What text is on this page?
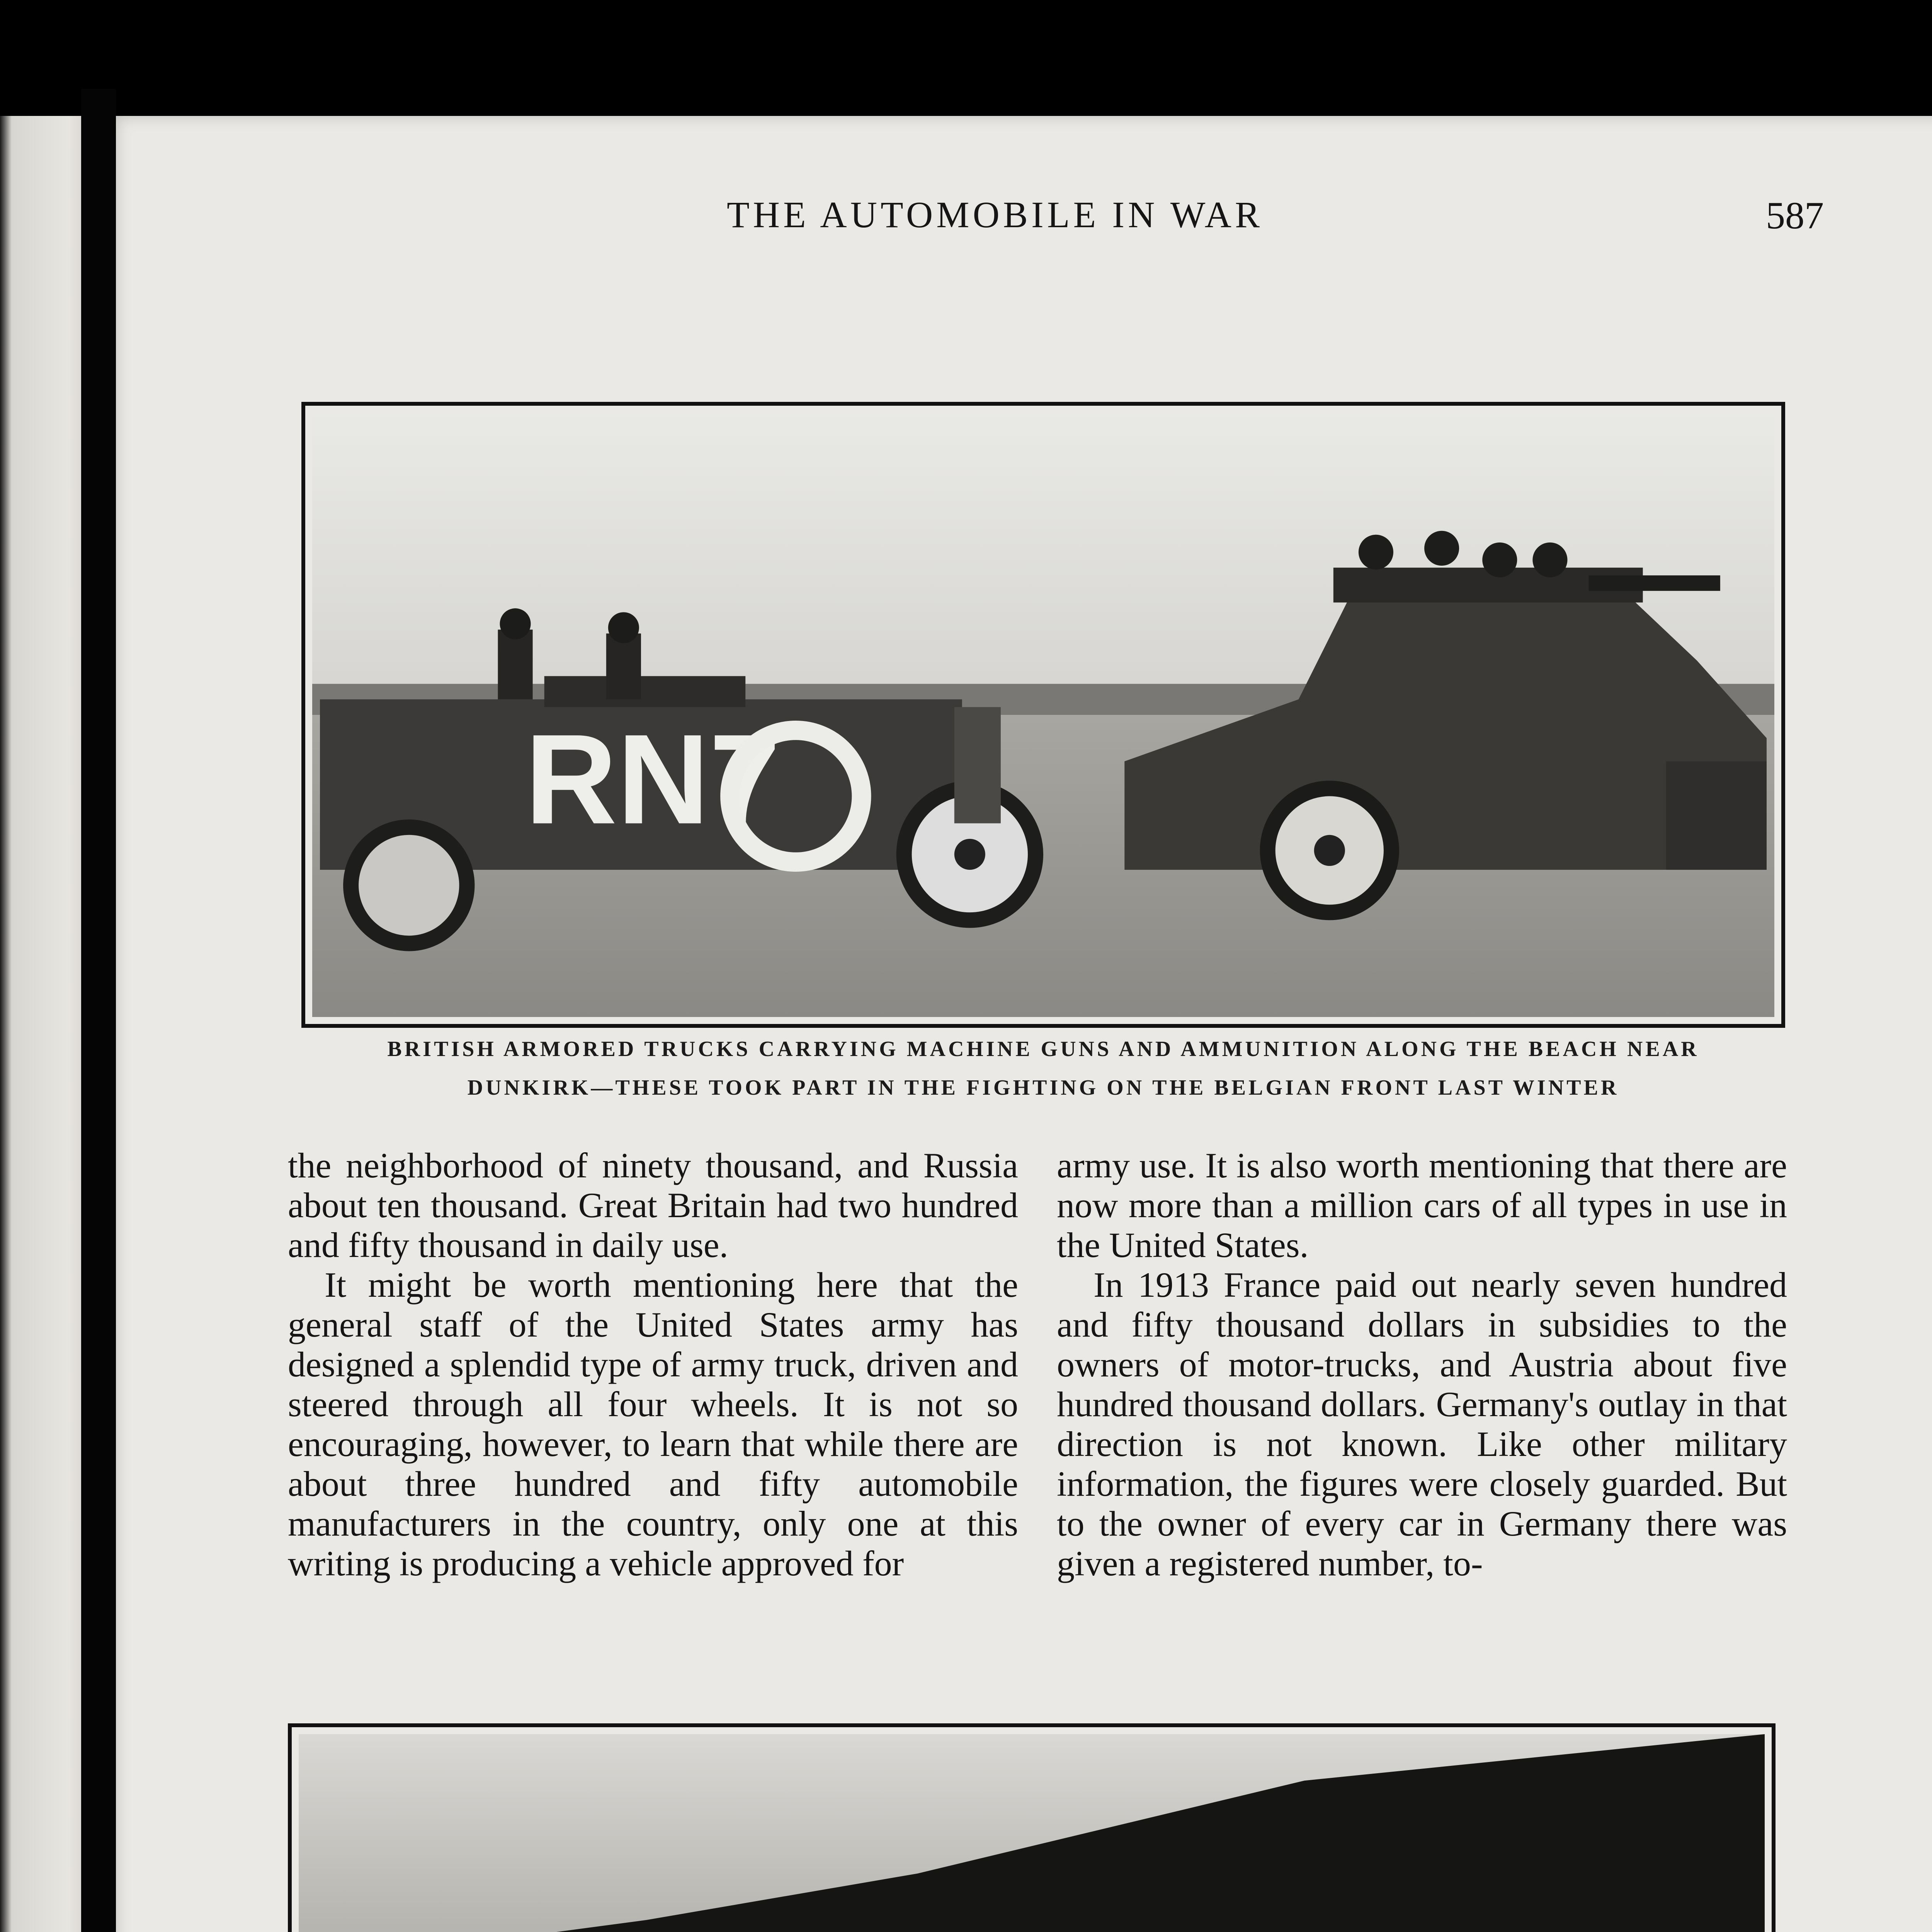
THE AUTOMOBILE IN WAR	587
RN7
BRITISH ARMORED TRUCKS CARRYING MACHINE GUNS AND AMMUNITION ALONG THE BEACH NEAR
DUNKIRK—THESE TOOK PART IN THE FIGHTING ON THE BELGIAN FRONT LAST WINTER

the neighborhood of ninety thousand, and Russia about ten thousand. Great Britain had two hundred and fifty thousand in daily use.

It might be worth mentioning here that the general staff of the United States army has designed a splendid type of army truck, driven and steered through all four wheels. It is not so encouraging, however, to learn that while there are about three hundred and fifty automobile manufacturers in the country, only one at this writing is producing a vehicle approved for

army use. It is also worth mentioning that there are now more than a million cars of all types in use in the United States.

In 1913 France paid out nearly seven hundred and fifty thousand dollars in subsidies to the owners of motor-trucks, and Austria about five hundred thousand dollars. Germany's outlay in that direction is not known. Like other military information, the figures were closely guarded. But to the owner of every car in Germany there was given a registered number, to-
